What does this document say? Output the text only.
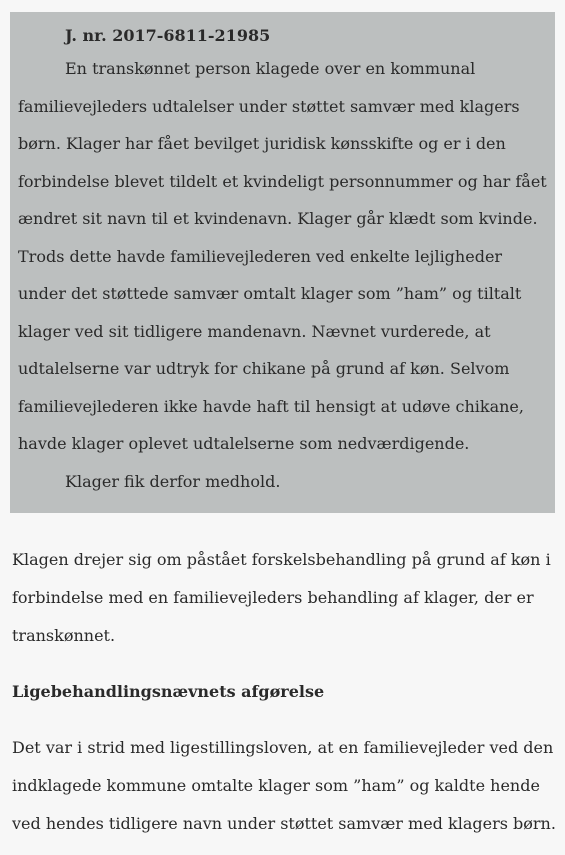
J. nr. 2017-6811-21985

En transkønnet person klagede over en kommunal familievejleders udtalelser under støttet samvær med klagers børn. Klager har fået bevilget juridisk kønsskifte og er i den forbindelse blevet tildelt et kvindeligt personnummer og har fået ændret sit navn til et kvindenavn. Klager går klædt som kvinde. Trods dette havde familievejlederen ved enkelte lejligheder under det støttede samvær omtalt klager som ”ham” og tiltalt klager ved sit tidligere mandenavn. Nævnet vurderede, at udtalelserne var udtryk for chikane på grund af køn. Selvom familievejlederen ikke havde haft til hensigt at udøve chikane, havde klager oplevet udtalelserne som nedværdigende.

Klager fik derfor medhold.

Klagen drejer sig om påstået forskelsbehandling på grund af køn i forbindelse med en familievejleders behandling af klager, der er transkønnet.

Ligebehandlingsnævnets afgørelse

Det var i strid med ligestillingsloven, at en familievejleder ved den indklagede kommune omtalte klager som ”ham” og kaldte hende ved hendes tidligere navn under støttet samvær med klagers børn.
